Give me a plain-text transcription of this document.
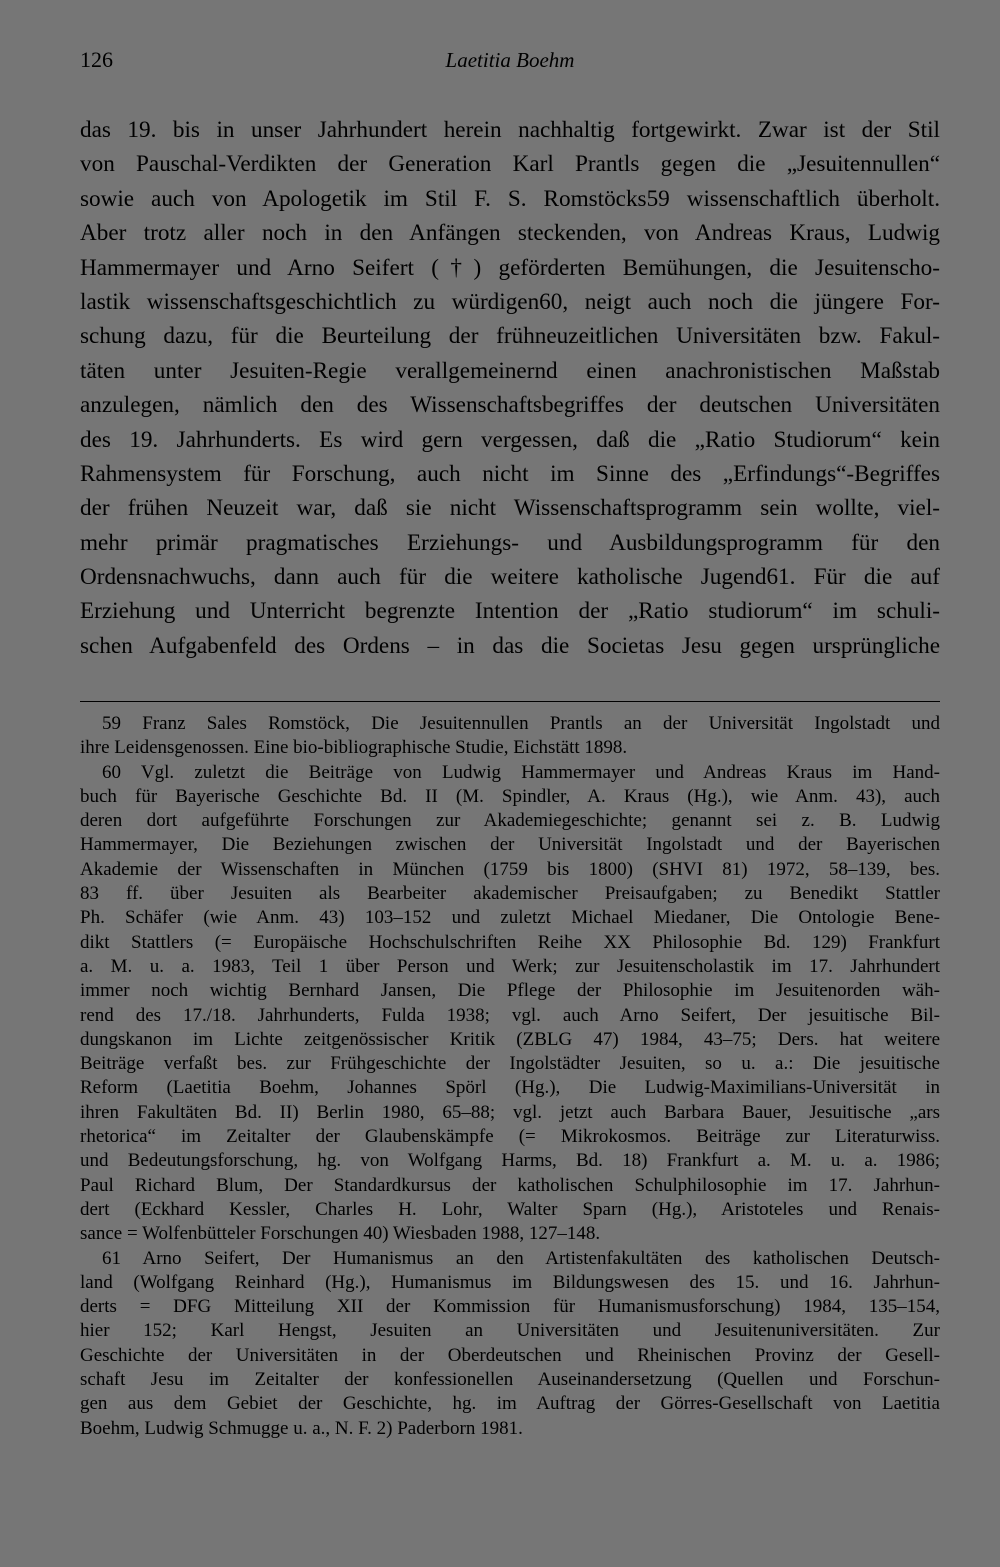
126	Laetitia Boehm
das 19. bis in unser Jahrhundert herein nachhaltig fortgewirkt. Zwar ist der Stil
von Pauschal-Verdikten der Generation Karl Prantls gegen die „Jesuitennullen“
sowie auch von Apologetik im Stil F. S. Romstöcks59 wissenschaftlich überholt.
Aber trotz aller noch in den Anfängen steckenden, von Andreas Kraus, Ludwig
Hammermayer und Arno Seifert (†) geförderten Bemühungen, die Jesuitenscho-
lastik wissenschaftsgeschichtlich zu würdigen60, neigt auch noch die jüngere For-
schung dazu, für die Beurteilung der frühneuzeitlichen Universitäten bzw. Fakul-
täten unter Jesuiten-Regie verallgemeinernd einen anachronistischen Maßstab
anzulegen, nämlich den des Wissenschaftsbegriffes der deutschen Universitäten
des 19. Jahrhunderts. Es wird gern vergessen, daß die „Ratio Studiorum“ kein
Rahmensystem für Forschung, auch nicht im Sinne des „Erfindungs“-Begriffes
der frühen Neuzeit war, daß sie nicht Wissenschaftsprogramm sein wollte, viel-
mehr primär pragmatisches Erziehungs- und Ausbildungsprogramm für den
Ordensnachwuchs, dann auch für die weitere katholische Jugend61. Für die auf
Erziehung und Unterricht begrenzte Intention der „Ratio studiorum“ im schuli-
schen Aufgabenfeld des Ordens – in das die Societas Jesu gegen ursprüngliche
59 Franz Sales Romstöck, Die Jesuitennullen Prantls an der Universität Ingolstadt und
ihre Leidensgenossen. Eine bio-bibliographische Studie, Eichstätt 1898.
60 Vgl. zuletzt die Beiträge von Ludwig Hammermayer und Andreas Kraus im Hand-
buch für Bayerische Geschichte Bd. II (M. Spindler, A. Kraus (Hg.), wie Anm. 43), auch
deren dort aufgeführte Forschungen zur Akademiegeschichte; genannt sei z. B. Ludwig
Hammermayer, Die Beziehungen zwischen der Universität Ingolstadt und der Bayerischen
Akademie der Wissenschaften in München (1759 bis 1800) (SHVI 81) 1972, 58–139, bes.
83 ff. über Jesuiten als Bearbeiter akademischer Preisaufgaben; zu Benedikt Stattler
Ph. Schäfer (wie Anm. 43) 103–152 und zuletzt Michael Miedaner, Die Ontologie Bene-
dikt Stattlers (= Europäische Hochschulschriften Reihe XX Philosophie Bd. 129) Frankfurt
a. M. u. a. 1983, Teil 1 über Person und Werk; zur Jesuitenscholastik im 17. Jahrhundert
immer noch wichtig Bernhard Jansen, Die Pflege der Philosophie im Jesuitenorden wäh-
rend des 17./18. Jahrhunderts, Fulda 1938; vgl. auch Arno Seifert, Der jesuitische Bil-
dungskanon im Lichte zeitgenössischer Kritik (ZBLG 47) 1984, 43–75; Ders. hat weitere
Beiträge verfaßt bes. zur Frühgeschichte der Ingolstädter Jesuiten, so u. a.: Die jesuitische
Reform (Laetitia Boehm, Johannes Spörl (Hg.), Die Ludwig-Maximilians-Universität in
ihren Fakultäten Bd. II) Berlin 1980, 65–88; vgl. jetzt auch Barbara Bauer, Jesuitische „ars
rhetorica“ im Zeitalter der Glaubenskämpfe (= Mikrokosmos. Beiträge zur Literaturwiss.
und Bedeutungsforschung, hg. von Wolfgang Harms, Bd. 18) Frankfurt a. M. u. a. 1986;
Paul Richard Blum, Der Standardkursus der katholischen Schulphilosophie im 17. Jahrhun-
dert (Eckhard Kessler, Charles H. Lohr, Walter Sparn (Hg.), Aristoteles und Renais-
sance = Wolfenbütteler Forschungen 40) Wiesbaden 1988, 127–148.
61 Arno Seifert, Der Humanismus an den Artistenfakultäten des katholischen Deutsch-
land (Wolfgang Reinhard (Hg.), Humanismus im Bildungswesen des 15. und 16. Jahrhun-
derts = DFG Mitteilung XII der Kommission für Humanismusforschung) 1984, 135–154,
hier 152; Karl Hengst, Jesuiten an Universitäten und Jesuitenuniversitäten. Zur
Geschichte der Universitäten in der Oberdeutschen und Rheinischen Provinz der Gesell-
schaft Jesu im Zeitalter der konfessionellen Auseinandersetzung (Quellen und Forschun-
gen aus dem Gebiet der Geschichte, hg. im Auftrag der Görres-Gesellschaft von Laetitia
Boehm, Ludwig Schmugge u. a., N. F. 2) Paderborn 1981.
